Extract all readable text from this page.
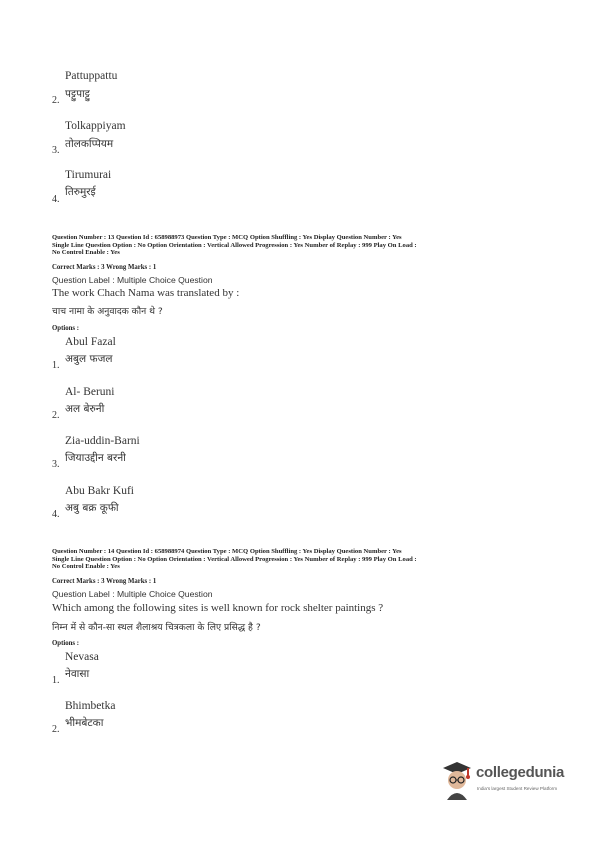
Pattuppattu
2.
पट्टुपाट्टु
Tolkappiyam
3.
तोलकप्पियम
Tirumurai
4.
तिरुमुरई
Question Number : 13 Question Id : 658988973 Question Type : MCQ Option Shuffling : Yes Display Question Number : Yes
Single Line Question Option : No Option Orientation : Vertical Allowed Progression : Yes Number of Replay : 999 Play On Load :
No Control Enable : Yes
Correct Marks : 3 Wrong Marks : 1
Question Label : Multiple Choice Question
The work Chach Nama was translated by :
चाच नामा के अनुवादक कौन थे ?
Options :
Abul Fazal
1.
अबुल फजल
Al- Beruni
2.
अल बेरुनी
Zia-uddin-Barni
3.
जियाउद्दीन बरनी
Abu Bakr Kufi
4.
अबु बक्र कूफी
Question Number : 14 Question Id : 658988974 Question Type : MCQ Option Shuffling : Yes Display Question Number : Yes
Single Line Question Option : No Option Orientation : Vertical Allowed Progression : Yes Number of Replay : 999 Play On Load :
No Control Enable : Yes
Correct Marks : 3 Wrong Marks : 1
Question Label : Multiple Choice Question
Which among the following sites is well known for rock shelter paintings ?
निम्न में से कौन-सा स्थल शैलाश्रय चित्रकला के लिए प्रसिद्ध है ?
Options :
Nevasa
1.
नेवासा
Bhimbetka
2.
भीमबेटका
collegedunia
India's largest Student Review Platform
